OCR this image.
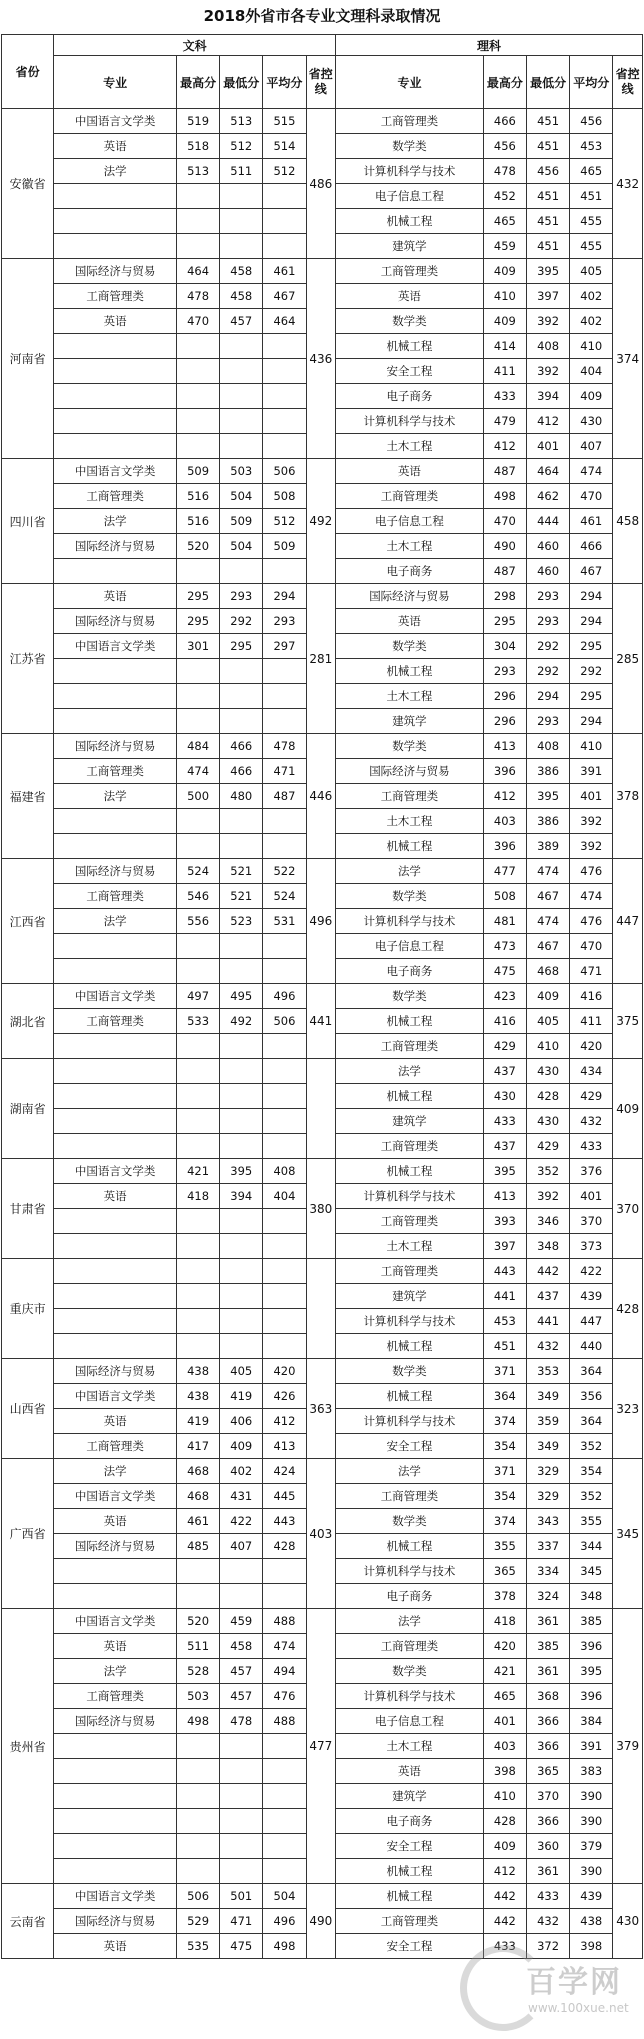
2018外省市各专业文理科录取情况
省份	文科					理科				
	专业	最高分	最低分	平均分	省控线	专业	最高分	最低分	平均分	省控线
安徽省	中国语言文学类	519	513	515	486	工商管理类	466	451	456	432
	英语	518	512	514		数学类	456	451	453	
	法学	513	511	512		计算机科学与技术	478	456	465	
						电子信息工程	452	451	451	
						机械工程	465	451	455	
						建筑学	459	451	455	
河南省	国际经济与贸易	464	458	461	436	工商管理类	409	395	405	374
	工商管理类	478	458	467		英语	410	397	402	
	英语	470	457	464		数学类	409	392	402	
						机械工程	414	408	410	
						安全工程	411	392	404	
						电子商务	433	394	409	
						计算机科学与技术	479	412	430	
						土木工程	412	401	407	
四川省	中国语言文学类	509	503	506	492	英语	487	464	474	458
	工商管理类	516	504	508		工商管理类	498	462	470	
	法学	516	509	512		电子信息工程	470	444	461	
	国际经济与贸易	520	504	509		土木工程	490	460	466	
						电子商务	487	460	467	
江苏省	英语	295	293	294	281	国际经济与贸易	298	293	294	285
	国际经济与贸易	295	292	293		英语	295	293	294	
	中国语言文学类	301	295	297		数学类	304	292	295	
						机械工程	293	292	292	
						土木工程	296	294	295	
						建筑学	296	293	294	
福建省	国际经济与贸易	484	466	478	446	数学类	413	408	410	378
	工商管理类	474	466	471		国际经济与贸易	396	386	391	
	法学	500	480	487		工商管理类	412	395	401	
						土木工程	403	386	392	
						机械工程	396	389	392	
江西省	国际经济与贸易	524	521	522	496	法学	477	474	476	447
	工商管理类	546	521	524		数学类	508	467	474	
	法学	556	523	531		计算机科学与技术	481	474	476	
						电子信息工程	473	467	470	
						电子商务	475	468	471	
湖北省	中国语言文学类	497	495	496	441	数学类	423	409	416	375
	工商管理类	533	492	506		机械工程	416	405	411	
						工商管理类	429	410	420	
湖南省						法学	437	430	434	409
						机械工程	430	428	429	
						建筑学	433	430	432	
						工商管理类	437	429	433	
甘肃省	中国语言文学类	421	395	408	380	机械工程	395	352	376	370
	英语	418	394	404		计算机科学与技术	413	392	401	
						工商管理类	393	346	370	
						土木工程	397	348	373	
重庆市						工商管理类	443	442	422	428
						建筑学	441	437	439	
						计算机科学与技术	453	441	447	
						机械工程	451	432	440	
山西省	国际经济与贸易	438	405	420	363	数学类	371	353	364	323
	中国语言文学类	438	419	426		机械工程	364	349	356	
	英语	419	406	412		计算机科学与技术	374	359	364	
	工商管理类	417	409	413		安全工程	354	349	352	
广西省	法学	468	402	424	403	法学	371	329	354	345
	中国语言文学类	468	431	445		工商管理类	354	329	352	
	英语	461	422	443		数学类	374	343	355	
	国际经济与贸易	485	407	428		机械工程	355	337	344	
						计算机科学与技术	365	334	345	
						电子商务	378	324	348	
贵州省	中国语言文学类	520	459	488	477	法学	418	361	385	379
	英语	511	458	474		工商管理类	420	385	396	
	法学	528	457	494		数学类	421	361	395	
	工商管理类	503	457	476		计算机科学与技术	465	368	396	
	国际经济与贸易	498	478	488		电子信息工程	401	366	384	
						土木工程	403	366	391	
						英语	398	365	383	
						建筑学	410	370	390	
						电子商务	428	366	390	
						安全工程	409	360	379	
						机械工程	412	361	390	
云南省	中国语言文学类	506	501	504	490	机械工程	442	433	439	430
	国际经济与贸易	529	471	496		工商管理类	442	432	438	
	英语	535	475	498		安全工程	433	372	398	
百学网
www.100xue.net
